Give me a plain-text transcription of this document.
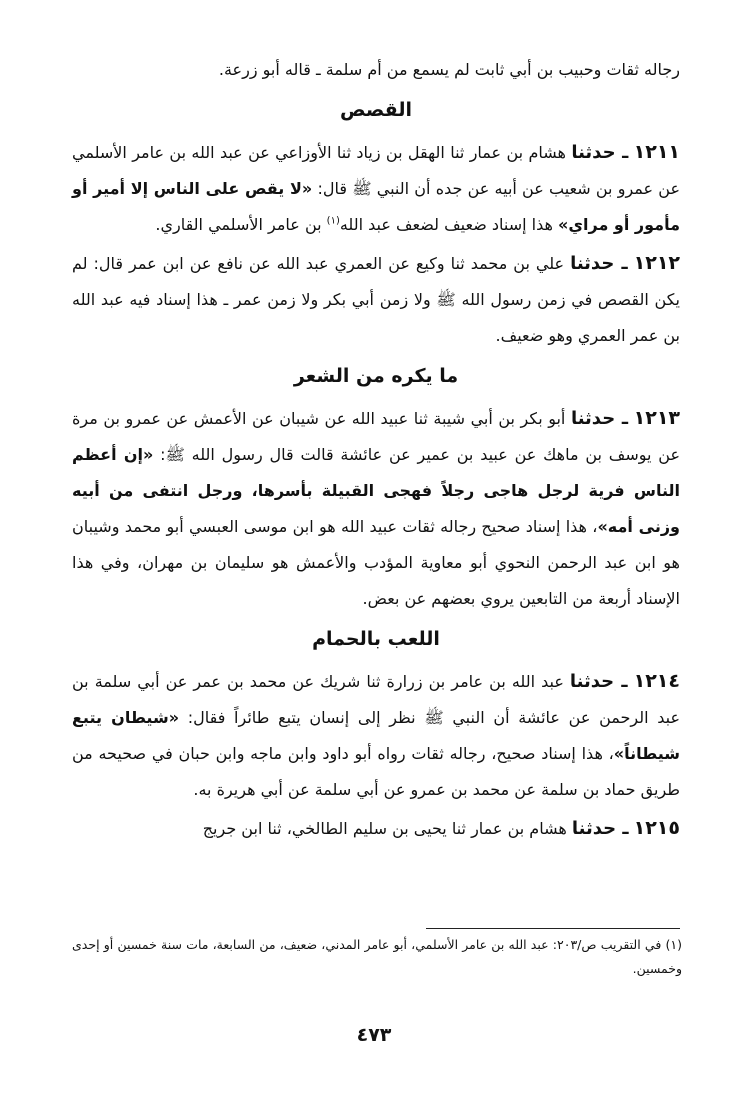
رجاله ثقات وحبيب بن أبي ثابت لم يسمع من أم سلمة ـ قاله أبو زرعة.

القصص

١٢١١ ـ حدثنا هشام بن عمار ثنا الهقل بن زياد ثنا الأوزاعي عن عبد الله بن عامر الأسلمي عن عمرو بن شعيب عن أبيه عن جده أن النبي ﷺ قال: «لا يقص على الناس إلا أمير أو مأمور أو مراي» هذا إسناد ضعيف لضعف عبد الله$^{(١)}$ بن عامر الأسلمي القاري.

١٢١٢ ـ حدثنا علي بن محمد ثنا وكيع عن العمري عبد الله عن نافع عن ابن عمر قال: لم يكن القصص في زمن رسول الله ﷺ ولا زمن أبي بكر ولا زمن عمر ـ هذا إسناد فيه عبد الله بن عمر العمري وهو ضعيف.

ما يكره من الشعر

١٢١٣ ـ حدثنا أبو بكر بن أبي شيبة ثنا عبيد الله عن شيبان عن الأعمش عن عمرو بن مرة عن يوسف بن ماهك عن عبيد بن عمير عن عائشة قالت قال رسول الله ﷺ: «إن أعظم الناس فرية لرجل هاجى رجلاً فهجى القبيلة بأسرها، ورجل انتفى من أبيه وزنى أمه»، هذا إسناد صحيح رجاله ثقات عبيد الله هو ابن موسى العبسي أبو محمد وشيبان هو ابن عبد الرحمن النحوي أبو معاوية المؤدب والأعمش هو سليمان بن مهران، وفي هذا الإسناد أربعة من التابعين يروي بعضهم عن بعض.

اللعب بالحمام

١٢١٤ ـ حدثنا عبد الله بن عامر بن زرارة ثنا شريك عن محمد بن عمر عن أبي سلمة بن عبد الرحمن عن عائشة أن النبي ﷺ نظر إلى إنسان يتبع طائراً فقال: «شيطان يتبع شيطاناً»، هذا إسناد صحيح، رجاله ثقات رواه أبو داود وابن ماجه وابن حبان في صحيحه من طريق حماد بن سلمة عن محمد بن عمرو عن أبي سلمة عن أبي هريرة به.

١٢١٥ ـ حدثنا هشام بن عمار ثنا يحيى بن سليم الطالخي، ثنا ابن جريج

(١) في التقريب ص/٢٠٣: عبد الله بن عامر الأسلمي، أبو عامر المدني، ضعيف، من السابعة، مات سنة خمسين أو إحدى وخمسين.

٤٧٣
